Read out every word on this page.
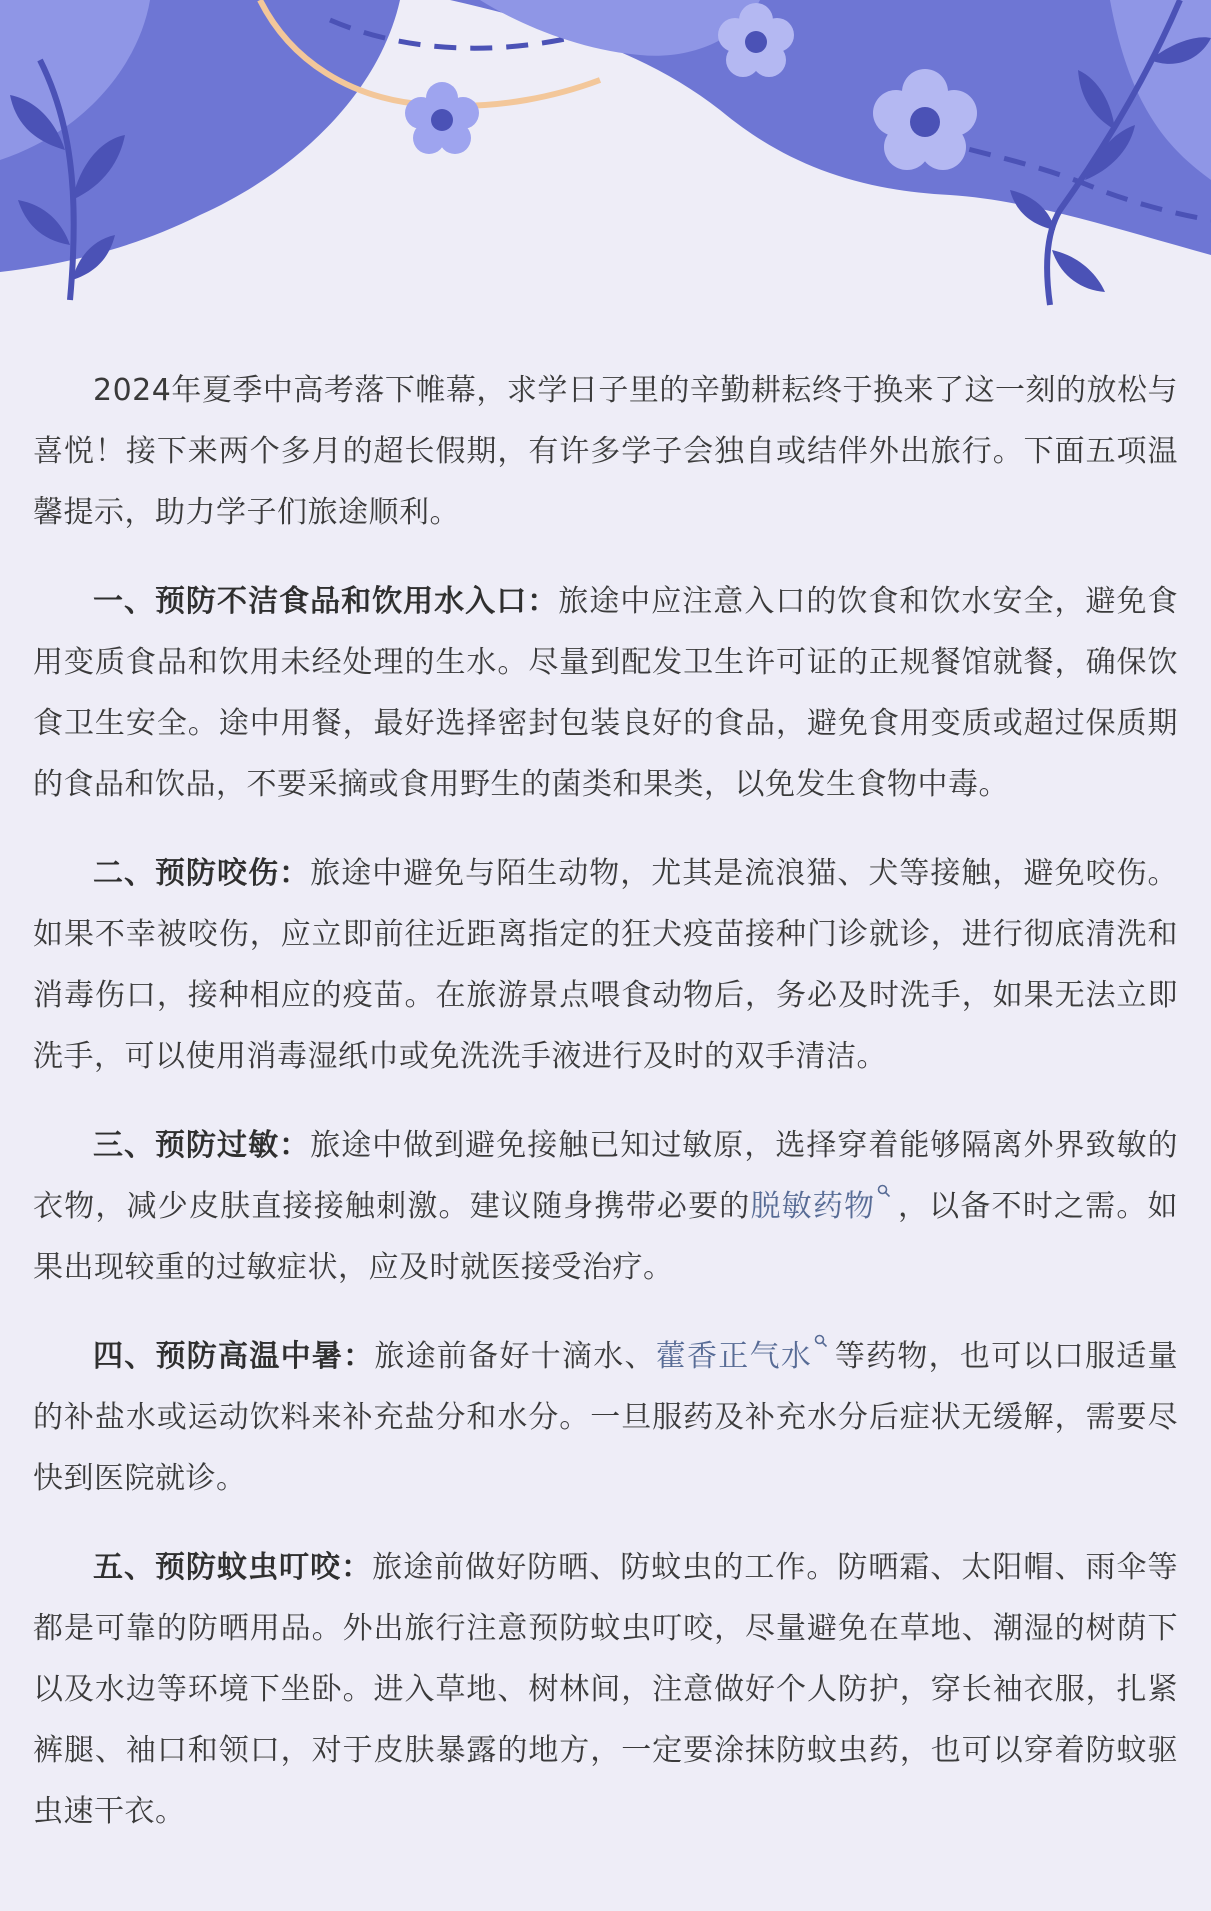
2024年夏季中高考落下帷幕，求学日子里的辛勤耕耘终于换来了这一刻的放松与喜悦！接下来两个多月的超长假期，有许多学子会独自或结伴外出旅行。下面五项温馨提示，助力学子们旅途顺利。

一、预防不洁食品和饮用水入口：旅途中应注意入口的饮食和饮水安全，避免食用变质食品和饮用未经处理的生水。尽量到配发卫生许可证的正规餐馆就餐，确保饮食卫生安全。途中用餐，最好选择密封包装良好的食品，避免食用变质或超过保质期的食品和饮品，不要采摘或食用野生的菌类和果类，以免发生食物中毒。

二、预防咬伤：旅途中避免与陌生动物，尤其是流浪猫、犬等接触，避免咬伤。如果不幸被咬伤，应立即前往近距离指定的狂犬疫苗接种门诊就诊，进行彻底清洗和消毒伤口，接种相应的疫苗。在旅游景点喂食动物后，务必及时洗手，如果无法立即洗手，可以使用消毒湿纸巾或免洗洗手液进行及时的双手清洁。

三、预防过敏：旅途中做到避免接触已知过敏原，选择穿着能够隔离外界致敏的衣物，减少皮肤直接接触刺激。建议随身携带必要的脱敏药物 ，以备不时之需。如果出现较重的过敏症状，应及时就医接受治疗。

四、预防高温中暑：旅途前备好十滴水、藿香正气水 等药物，也可以口服适量的补盐水或运动饮料来补充盐分和水分。一旦服药及补充水分后症状无缓解，需要尽快到医院就诊。

五、预防蚊虫叮咬：旅途前做好防晒、防蚊虫的工作。防晒霜、太阳帽、雨伞等都是可靠的防晒用品。外出旅行注意预防蚊虫叮咬，尽量避免在草地、潮湿的树荫下以及水边等环境下坐卧。进入草地、树林间，注意做好个人防护，穿长袖衣服，扎紧裤腿、袖口和领口，对于皮肤暴露的地方，一定要涂抹防蚊虫药，也可以穿着防蚊驱虫速干衣。
